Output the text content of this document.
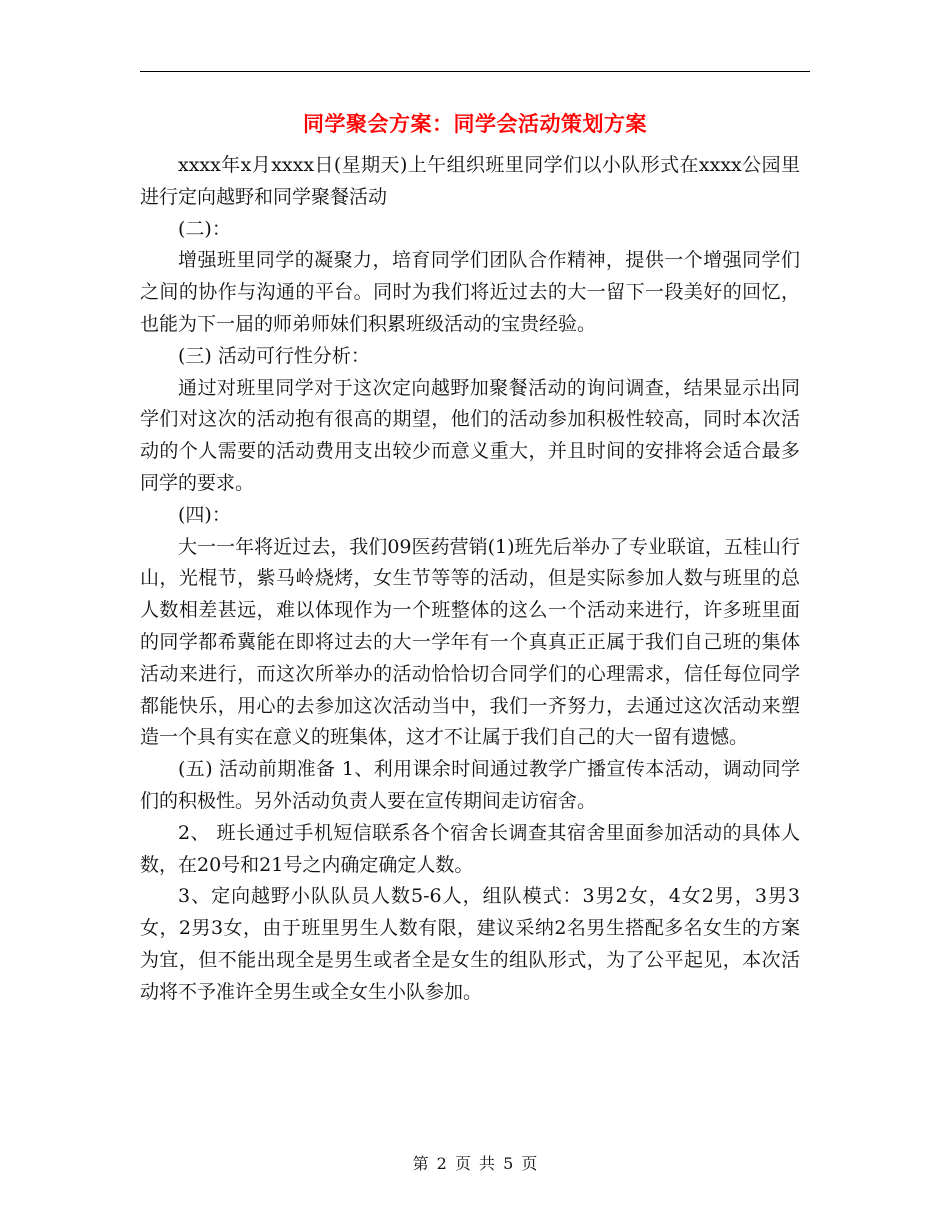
同学聚会方案：同学会活动策划方案

xxxx年x月xxxx日(星期天)上午组织班里同学们以小队形式在xxxx公园里进行定向越野和同学聚餐活动

(二)：

增强班里同学的凝聚力，培育同学们团队合作精神，提供一个增强同学们之间的协作与沟通的平台。同时为我们将近过去的大一留下一段美好的回忆，也能为下一届的师弟师妹们积累班级活动的宝贵经验。

(三) 活动可行性分析：

通过对班里同学对于这次定向越野加聚餐活动的询问调查，结果显示出同学们对这次的活动抱有很高的期望，他们的活动参加积极性较高，同时本次活动的个人需要的活动费用支出较少而意义重大，并且时间的安排将会适合最多同学的要求。

(四)：

大一一年将近过去，我们09医药营销(1)班先后举办了专业联谊，五桂山行山，光棍节，紫马岭烧烤，女生节等等的活动，但是实际参加人数与班里的总人数相差甚远，难以体现作为一个班整体的这么一个活动来进行，许多班里面的同学都希冀能在即将过去的大一学年有一个真真正正属于我们自己班的集体活动来进行，而这次所举办的活动恰恰切合同学们的心理需求，信任每位同学都能快乐，用心的去参加这次活动当中，我们一齐努力，去通过这次活动来塑造一个具有实在意义的班集体，这才不让属于我们自己的大一留有遗憾。

(五) 活动前期准备 1、利用课余时间通过教学广播宣传本活动，调动同学们的积极性。另外活动负责人要在宣传期间走访宿舍。

2、 班长通过手机短信联系各个宿舍长调查其宿舍里面参加活动的具体人数，在20号和21号之内确定确定人数。

3、定向越野小队队员人数5-6人，组队模式：3男2女，4女2男，3男3女，2男3女，由于班里男生人数有限，建议采纳2名男生搭配多名女生的方案为宜，但不能出现全是男生或者全是女生的组队形式，为了公平起见，本次活动将不予准许全男生或全女生小队参加。

第 2 页 共 5 页
